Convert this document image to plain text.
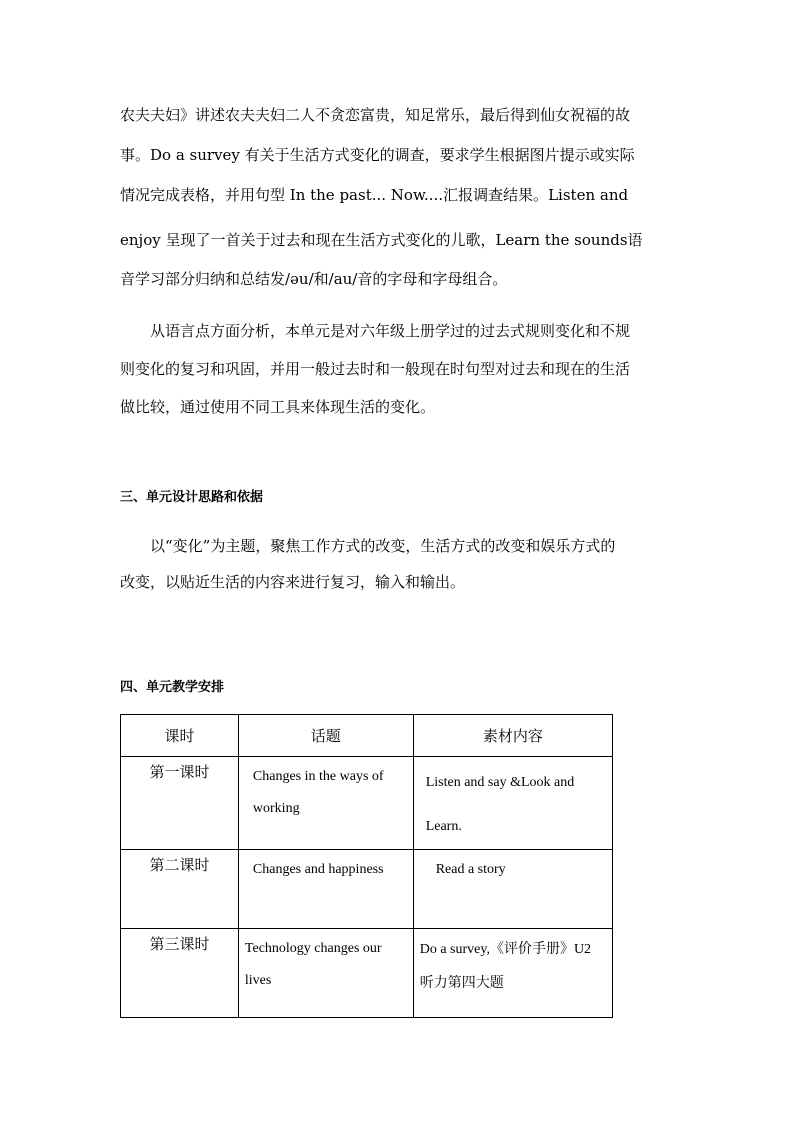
农夫夫妇》讲述农夫夫妇二人不贪恋富贵，知足常乐，最后得到仙女祝福的故
事。Do a survey 有关于生活方式变化的调查，要求学生根据图片提示或实际
情况完成表格，并用句型 In the past... Now....汇报调查结果。Listen and
enjoy 呈现了一首关于过去和现在生活方式变化的儿歌，Learn the sounds语
音学习部分归纳和总结发/əu/和/au/音的字母和字母组合。
从语言点方面分析，本单元是对六年级上册学过的过去式规则变化和不规
则变化的复习和巩固，并用一般过去时和一般现在时句型对过去和现在的生活
做比较，通过使用不同工具来体现生活的变化。
三、单元设计思路和依据
以“变化”为主题，聚焦工作方式的改变，生活方式的改变和娱乐方式的
改变，以贴近生活的内容来进行复习，输入和输出。
四、单元教学安排
课时	话题	素材内容
第一课时	Changes in the ways of working	Listen and say &Look and Learn.
第二课时	Changes and happiness	Read a story
第三课时	Technology changes our lives	Do a survey,《评价手册》U2 听力第四大题
